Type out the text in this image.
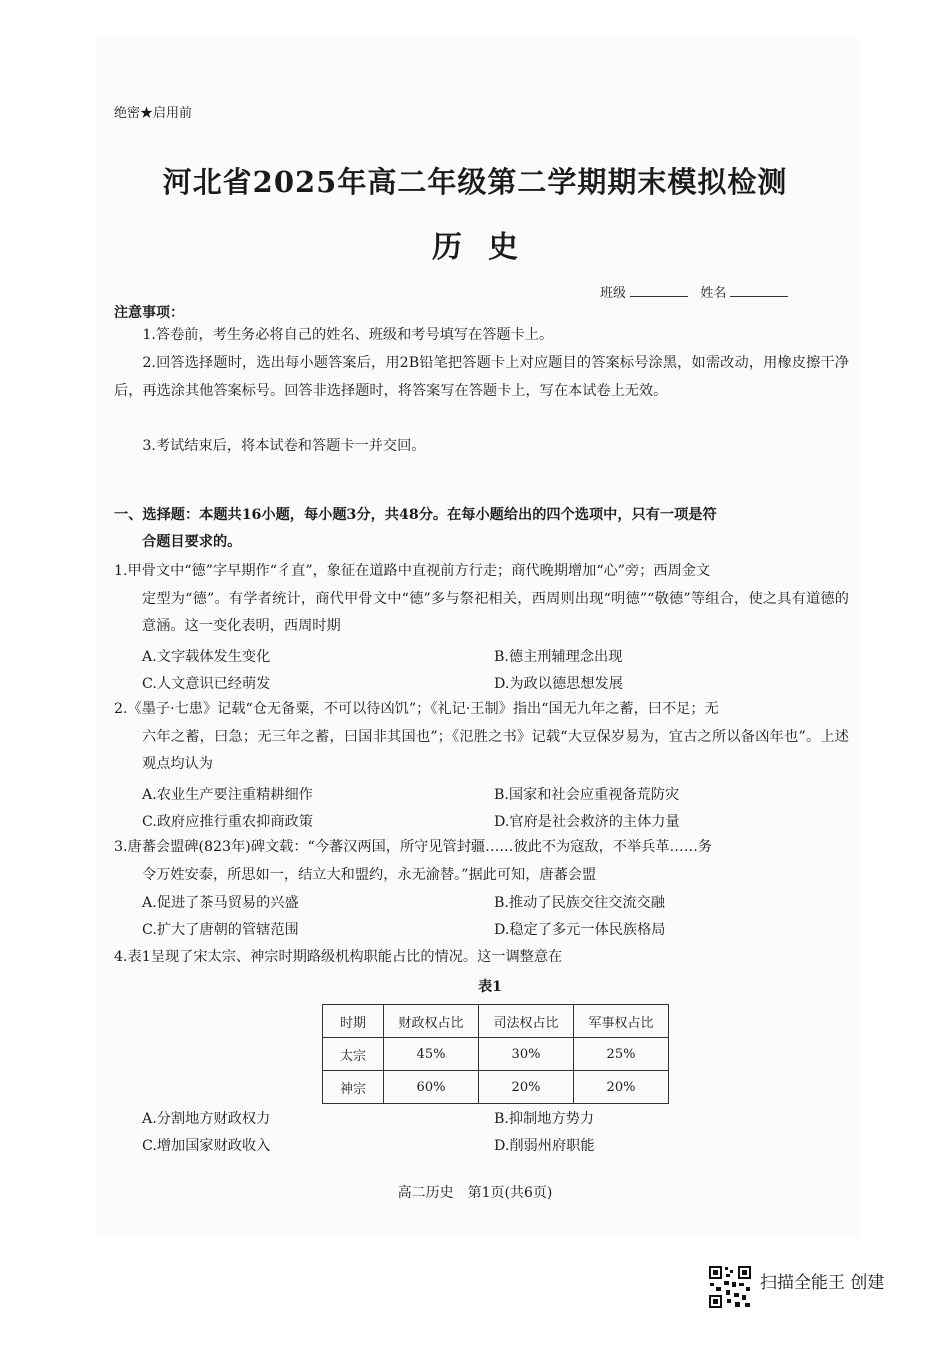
绝密★启用前
河北省2025年高二年级第二学期期末模拟检测
历史
班级	姓名
注意事项：
1.答卷前，考生务必将自己的姓名、班级和考号填写在答题卡上。
2.回答选择题时，选出每小题答案后，用2B铅笔把答题卡上对应题目的答案标号涂黑，如需改动，用橡皮擦干净后，再选涂其他答案标号。回答非选择题时，将答案写在答题卡上，写在本试卷上无效。
3.考试结束后，将本试卷和答题卡一并交回。
一、选择题：本题共16小题，每小题3分，共48分。在每小题给出的四个选项中，只有一项是符
合题目要求的。
1.甲骨文中“德”字早期作“彳直”，象征在道路中直视前方行走；商代晚期增加“心”旁；西周金文
定型为“德”。有学者统计，商代甲骨文中“德”多与祭祀相关，西周则出现“明德”“敬德”等组合，使之具有道德的意涵。这一变化表明，西周时期
A.文字载体发生变化	B.德主刑辅理念出现
C.人文意识已经萌发	D.为政以德思想发展
2.《墨子·七患》记载“仓无备粟，不可以待凶饥”；《礼记·王制》指出“国无九年之蓄，曰不足；无
六年之蓄，曰急；无三年之蓄，曰国非其国也”；《氾胜之书》记载“大豆保岁易为，宜古之所以备凶年也”。上述观点均认为
A.农业生产要注重精耕细作	B.国家和社会应重视备荒防灾
C.政府应推行重农抑商政策	D.官府是社会救济的主体力量
3.唐蕃会盟碑(823年)碑文载：“今蕃汉两国，所守见管封疆……彼此不为寇敌，不举兵革……务
令万姓安泰，所思如一，结立大和盟约，永无渝替。”据此可知，唐蕃会盟
A.促进了茶马贸易的兴盛	B.推动了民族交往交流交融
C.扩大了唐朝的管辖范围	D.稳定了多元一体民族格局
4.表1呈现了宋太宗、神宗时期路级机构职能占比的情况。这一调整意在
表1
时期	财政权占比	司法权占比	军事权占比
太宗	45%	30%	25%
神宗	60%	20%	20%
A.分割地方财政权力	B.抑制地方势力
C.增加国家财政收入	D.削弱州府职能
高二历史　第1页(共6页)
扫描全能王 创建
